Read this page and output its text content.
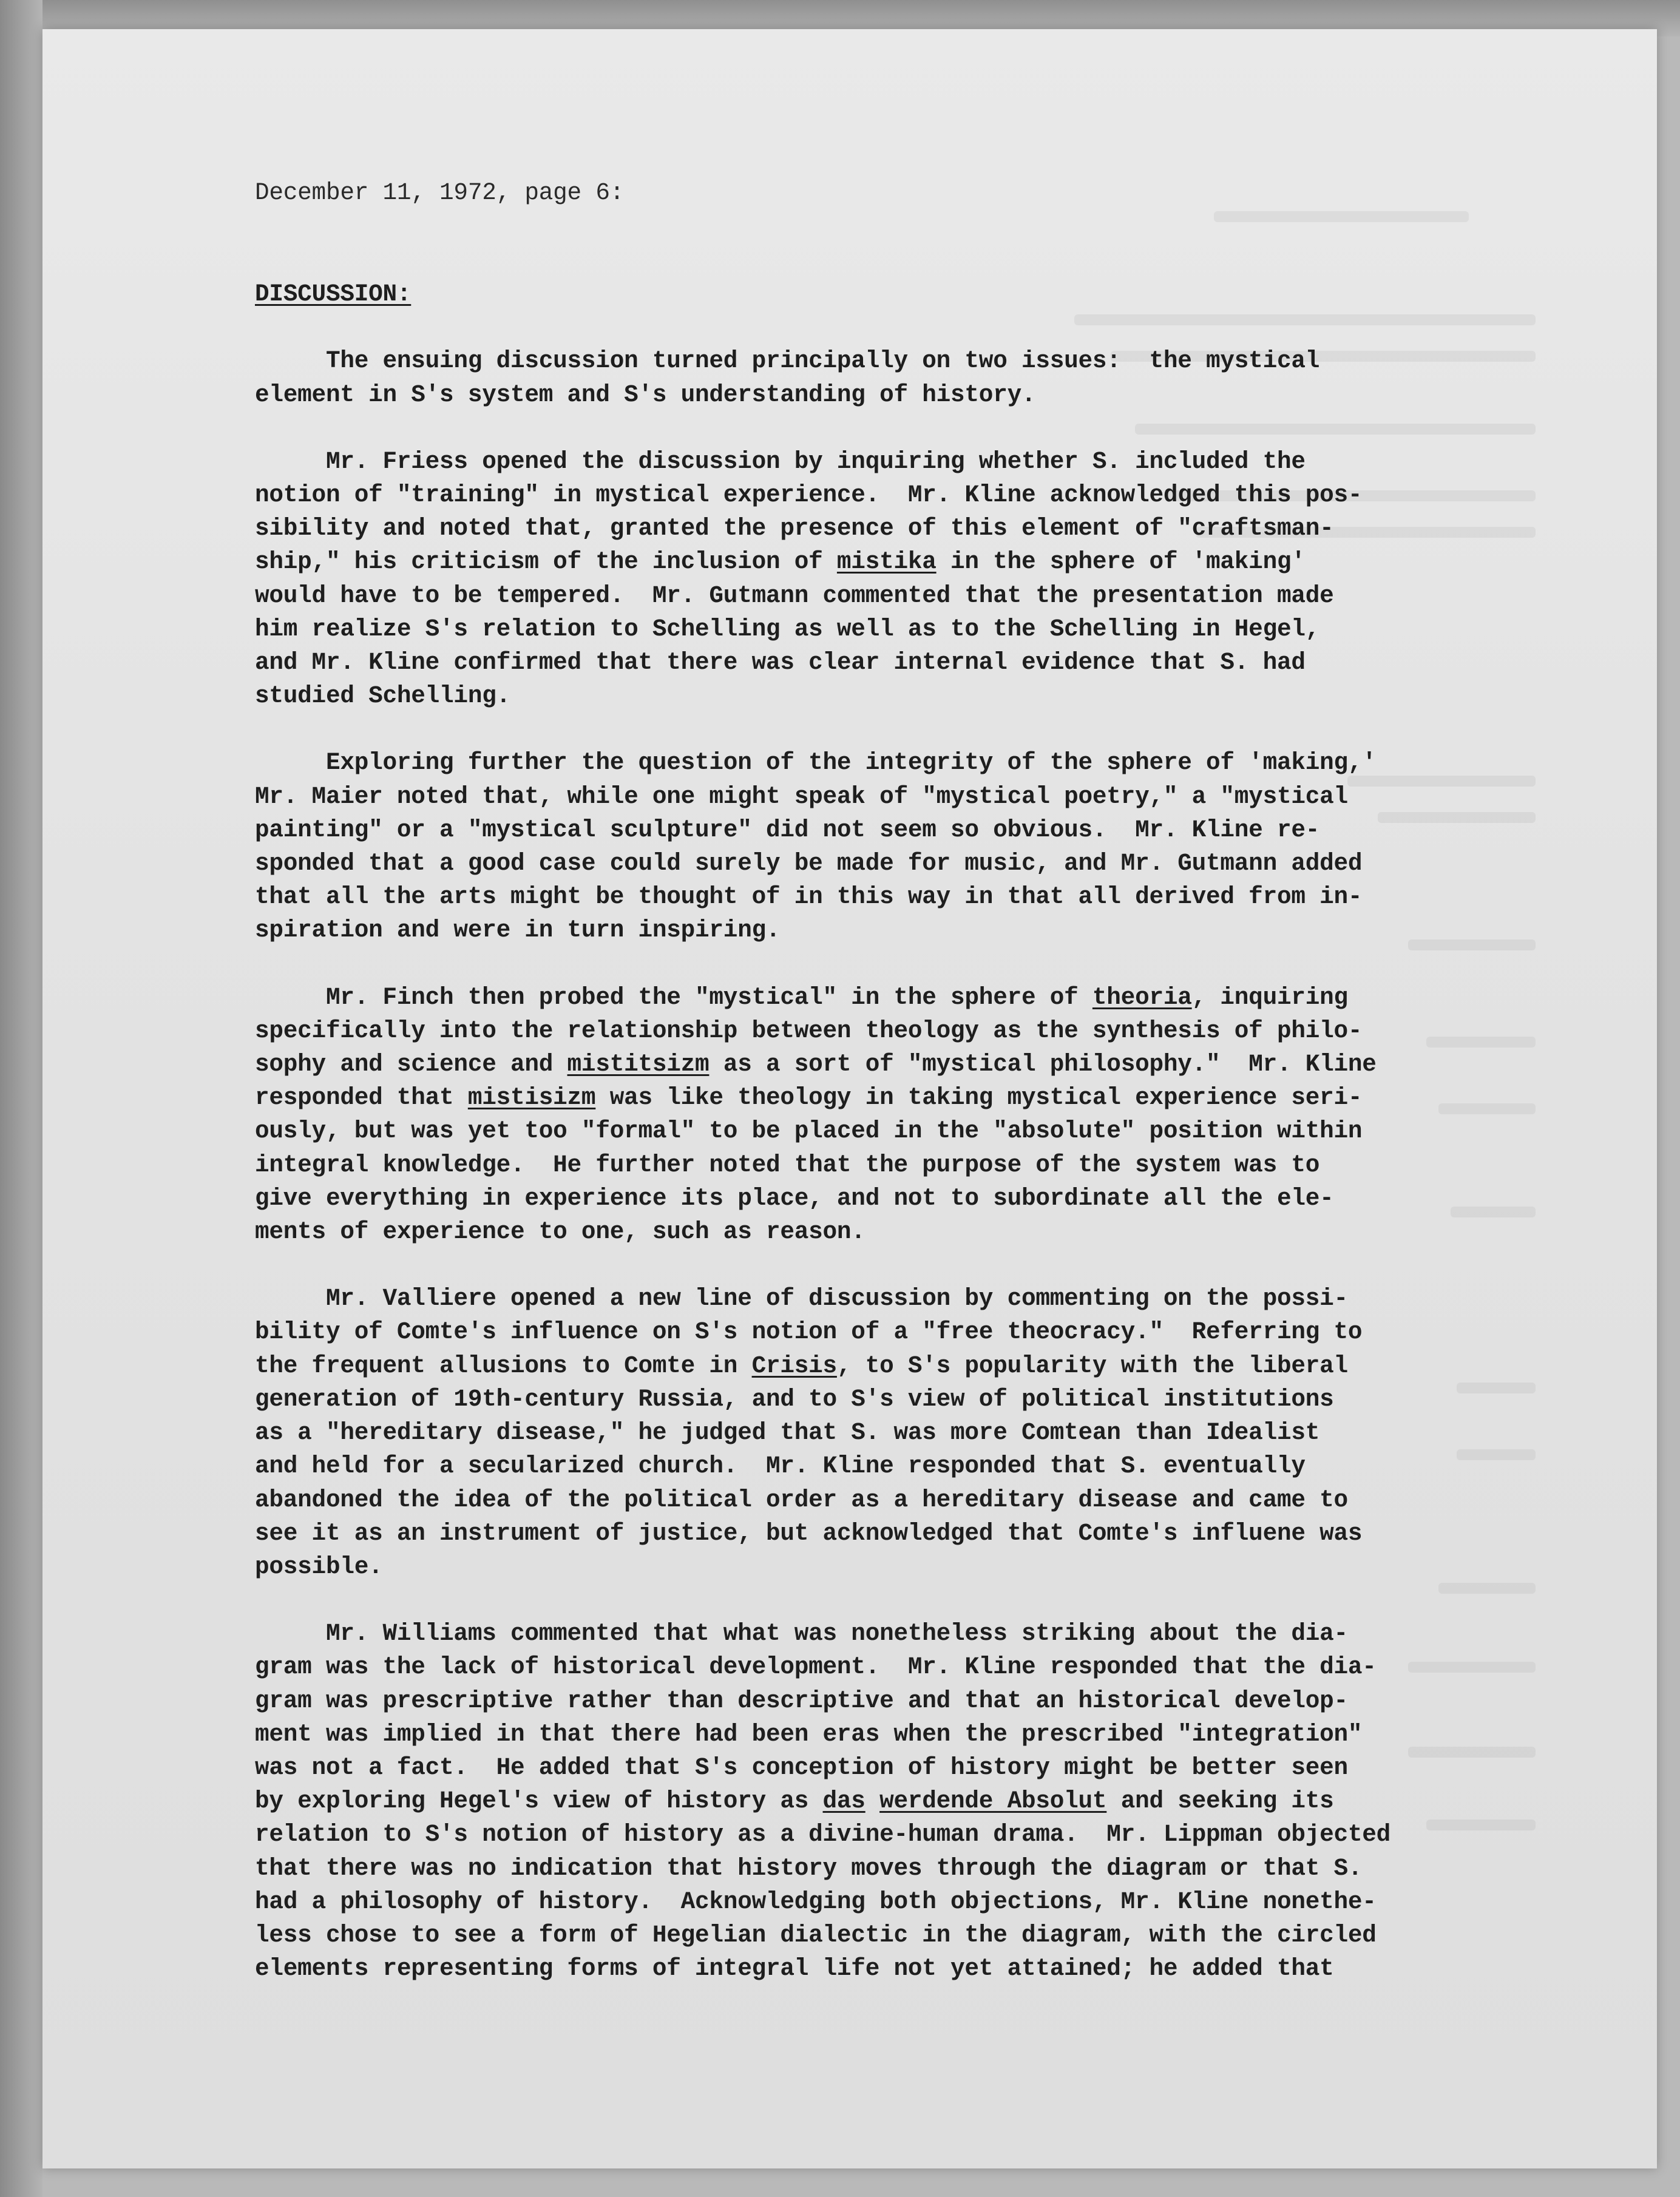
December 11, 1972, page 6:
DISCUSSION:
The ensuing discussion turned principally on two issues:  the mystical
element in S's system and S's understanding of history.
Mr. Friess opened the discussion by inquiring whether S. included the
notion of "training" in mystical experience.  Mr. Kline acknowledged this pos-
sibility and noted that, granted the presence of this element of "craftsman-
ship," his criticism of the inclusion of mistika in the sphere of 'making'
would have to be tempered.  Mr. Gutmann commented that the presentation made
him realize S's relation to Schelling as well as to the Schelling in Hegel,
and Mr. Kline confirmed that there was clear internal evidence that S. had
studied Schelling.
Exploring further the question of the integrity of the sphere of 'making,'
Mr. Maier noted that, while one might speak of "mystical poetry," a "mystical
painting" or a "mystical sculpture" did not seem so obvious.  Mr. Kline re-
sponded that a good case could surely be made for music, and Mr. Gutmann added
that all the arts might be thought of in this way in that all derived from in-
spiration and were in turn inspiring.
Mr. Finch then probed the "mystical" in the sphere of theoria, inquiring
specifically into the relationship between theology as the synthesis of philo-
sophy and science and mistitsizm as a sort of "mystical philosophy."  Mr. Kline
responded that mistisizm was like theology in taking mystical experience seri-
ously, but was yet too "formal" to be placed in the "absolute" position within
integral knowledge.  He further noted that the purpose of the system was to
give everything in experience its place, and not to subordinate all the ele-
ments of experience to one, such as reason.
Mr. Valliere opened a new line of discussion by commenting on the possi-
bility of Comte's influence on S's notion of a "free theocracy."  Referring to
the frequent allusions to Comte in Crisis, to S's popularity with the liberal
generation of 19th-century Russia, and to S's view of political institutions
as a "hereditary disease," he judged that S. was more Comtean than Idealist
and held for a secularized church.  Mr. Kline responded that S. eventually
abandoned the idea of the political order as a hereditary disease and came to
see it as an instrument of justice, but acknowledged that Comte's influene was
possible.
Mr. Williams commented that what was nonetheless striking about the dia-
gram was the lack of historical development.  Mr. Kline responded that the dia-
gram was prescriptive rather than descriptive and that an historical develop-
ment was implied in that there had been eras when the prescribed "integration"
was not a fact.  He added that S's conception of history might be better seen
by exploring Hegel's view of history as das werdende Absolut and seeking its
relation to S's notion of history as a divine-human drama.  Mr. Lippman objected
that there was no indication that history moves through the diagram or that S.
had a philosophy of history.  Acknowledging both objections, Mr. Kline nonethe-
less chose to see a form of Hegelian dialectic in the diagram, with the circled
elements representing forms of integral life not yet attained; he added that
